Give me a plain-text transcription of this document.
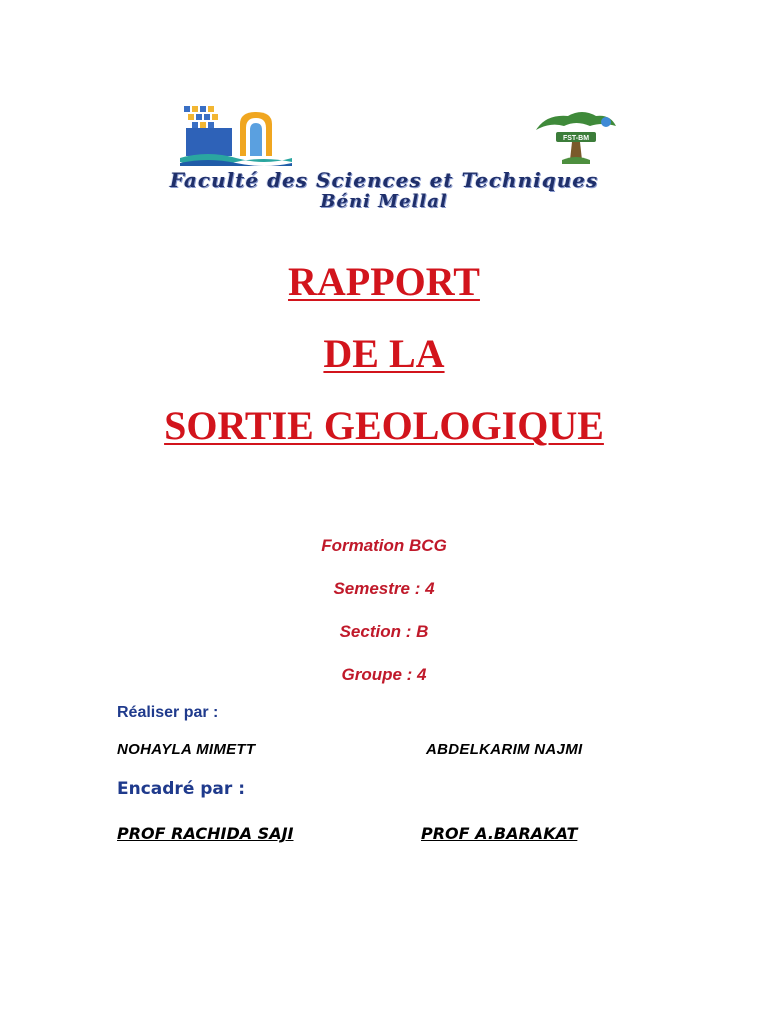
FST-BM
Faculté des Sciences et Techniques
Béni Mellal
RAPPORT
DE LA
SORTIE GEOLOGIQUE
Formation BCG
Semestre : 4
Section : B
Groupe : 4
Réaliser par :
NOHAYLA MIMETT	ABDELKARIM NAJMI
Encadré par :
PROF RACHIDA SAJI	PROF A.BARAKAT
